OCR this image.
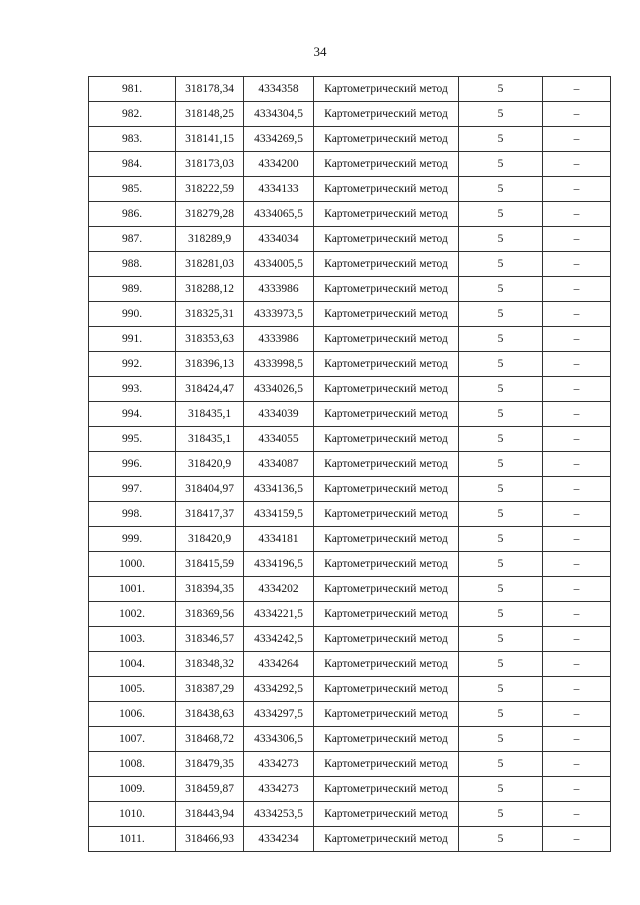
34
981.	318178,34	4334358	Картометрический метод	5	–
982.	318148,25	4334304,5	Картометрический метод	5	–
983.	318141,15	4334269,5	Картометрический метод	5	–
984.	318173,03	4334200	Картометрический метод	5	–
985.	318222,59	4334133	Картометрический метод	5	–
986.	318279,28	4334065,5	Картометрический метод	5	–
987.	318289,9	4334034	Картометрический метод	5	–
988.	318281,03	4334005,5	Картометрический метод	5	–
989.	318288,12	4333986	Картометрический метод	5	–
990.	318325,31	4333973,5	Картометрический метод	5	–
991.	318353,63	4333986	Картометрический метод	5	–
992.	318396,13	4333998,5	Картометрический метод	5	–
993.	318424,47	4334026,5	Картометрический метод	5	–
994.	318435,1	4334039	Картометрический метод	5	–
995.	318435,1	4334055	Картометрический метод	5	–
996.	318420,9	4334087	Картометрический метод	5	–
997.	318404,97	4334136,5	Картометрический метод	5	–
998.	318417,37	4334159,5	Картометрический метод	5	–
999.	318420,9	4334181	Картометрический метод	5	–
1000.	318415,59	4334196,5	Картометрический метод	5	–
1001.	318394,35	4334202	Картометрический метод	5	–
1002.	318369,56	4334221,5	Картометрический метод	5	–
1003.	318346,57	4334242,5	Картометрический метод	5	–
1004.	318348,32	4334264	Картометрический метод	5	–
1005.	318387,29	4334292,5	Картометрический метод	5	–
1006.	318438,63	4334297,5	Картометрический метод	5	–
1007.	318468,72	4334306,5	Картометрический метод	5	–
1008.	318479,35	4334273	Картометрический метод	5	–
1009.	318459,87	4334273	Картометрический метод	5	–
1010.	318443,94	4334253,5	Картометрический метод	5	–
1011.	318466,93	4334234	Картометрический метод	5	–
